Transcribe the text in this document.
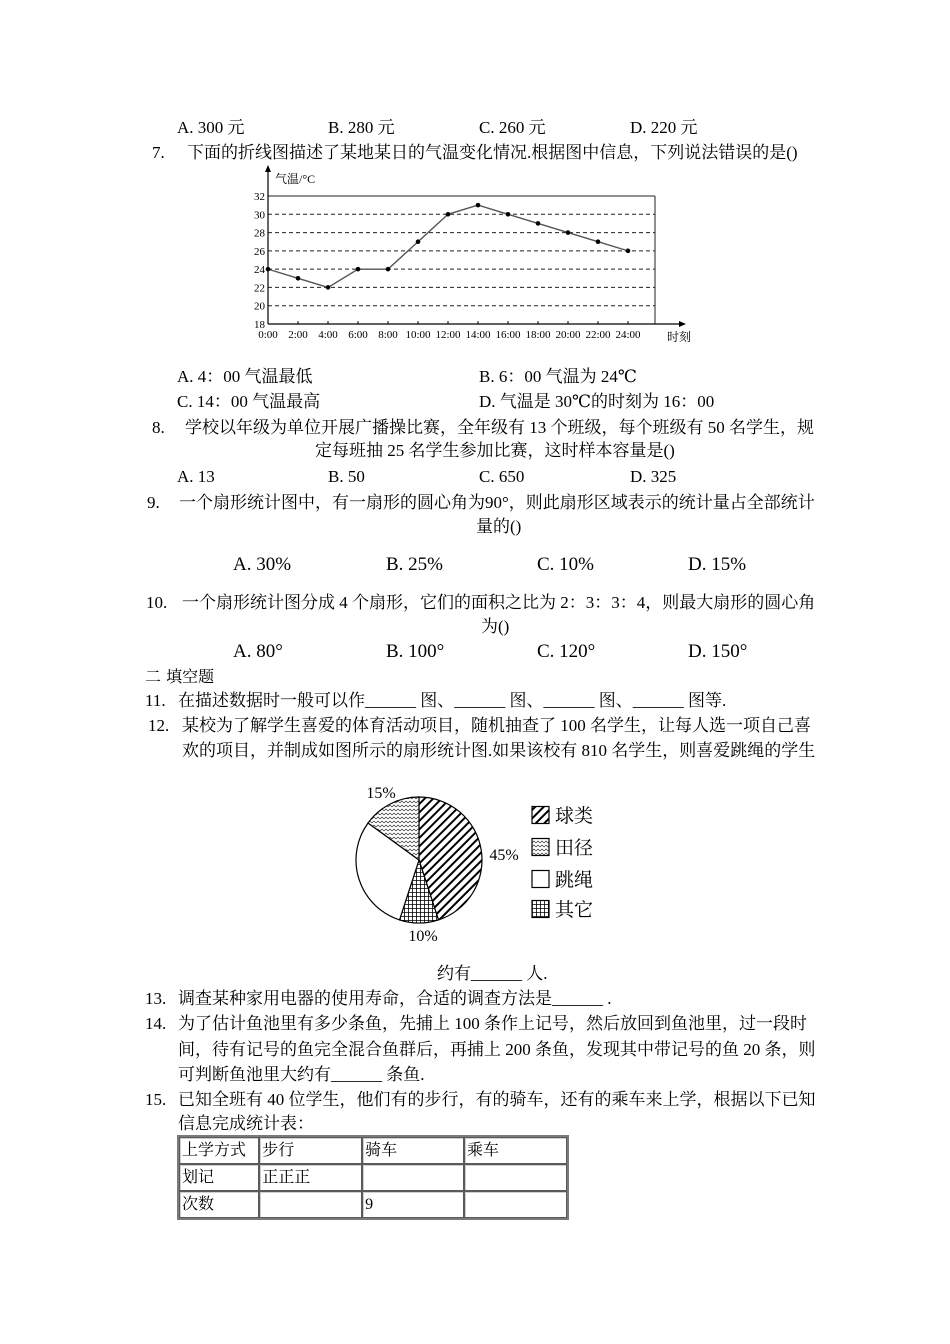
A. 300 元	B. 280 元	C. 260 元	D. 220 元
7. 下面的折线图描述了某地某日的气温变化情况.根据图中信息，下列说法错误的是()
18
20
22
24
26
28
30
32
0:00 2:00 4:00 6:00 8:00 10:00 12:00 14:00 16:00 18:00 20:00 22:00 24:00
气温/°C
时刻
A. 4：00 气温最低	B. 6：00 气温为 24℃
C. 14：00 气温最高	D. 气温是 30℃的时刻为 16：00
8. 学校以年级为单位开展广播操比赛，全年级有 13 个班级，每个班级有 50 名学生，规
定每班抽 25 名学生参加比赛，这时样本容量是()
A. 13	B. 50	C. 650	D. 325
9. 一个扇形统计图中，有一扇形的圆心角为90°，则此扇形区域表示的统计量占全部统计
量的()
A. 30%	B. 25%	C. 10%	D. 15%
10. 一个扇形统计图分成 4 个扇形，它们的面积之比为 2：3：3：4，则最大扇形的圆心角
为()
A. 80°	B. 100°	C. 120°	D. 150°
二 填空题
11. 在描述数据时一般可以作______ 图、______ 图、______ 图、______ 图等.
12. 某校为了解学生喜爱的体育活动项目，随机抽查了 100 名学生，让每人选一项自己喜
欢的项目，并制成如图所示的扇形统计图.如果该校有 810 名学生，则喜爱跳绳的学生
45%
10%
15%
球类
田径
跳绳
其它
约有______ 人.
13. 调查某种家用电器的使用寿命，合适的调查方法是______ .
14. 为了估计鱼池里有多少条鱼，先捕上 100 条作上记号，然后放回到鱼池里，过一段时
间，待有记号的鱼完全混合鱼群后，再捕上 200 条鱼，发现其中带记号的鱼 20 条，则
可判断鱼池里大约有______ 条鱼.
15. 已知全班有 40 位学生，他们有的步行，有的骑车，还有的乘车来上学，根据以下已知
信息完成统计表：
上学方式	步行	骑车	乘车
划记	正正正		
次数		9	
